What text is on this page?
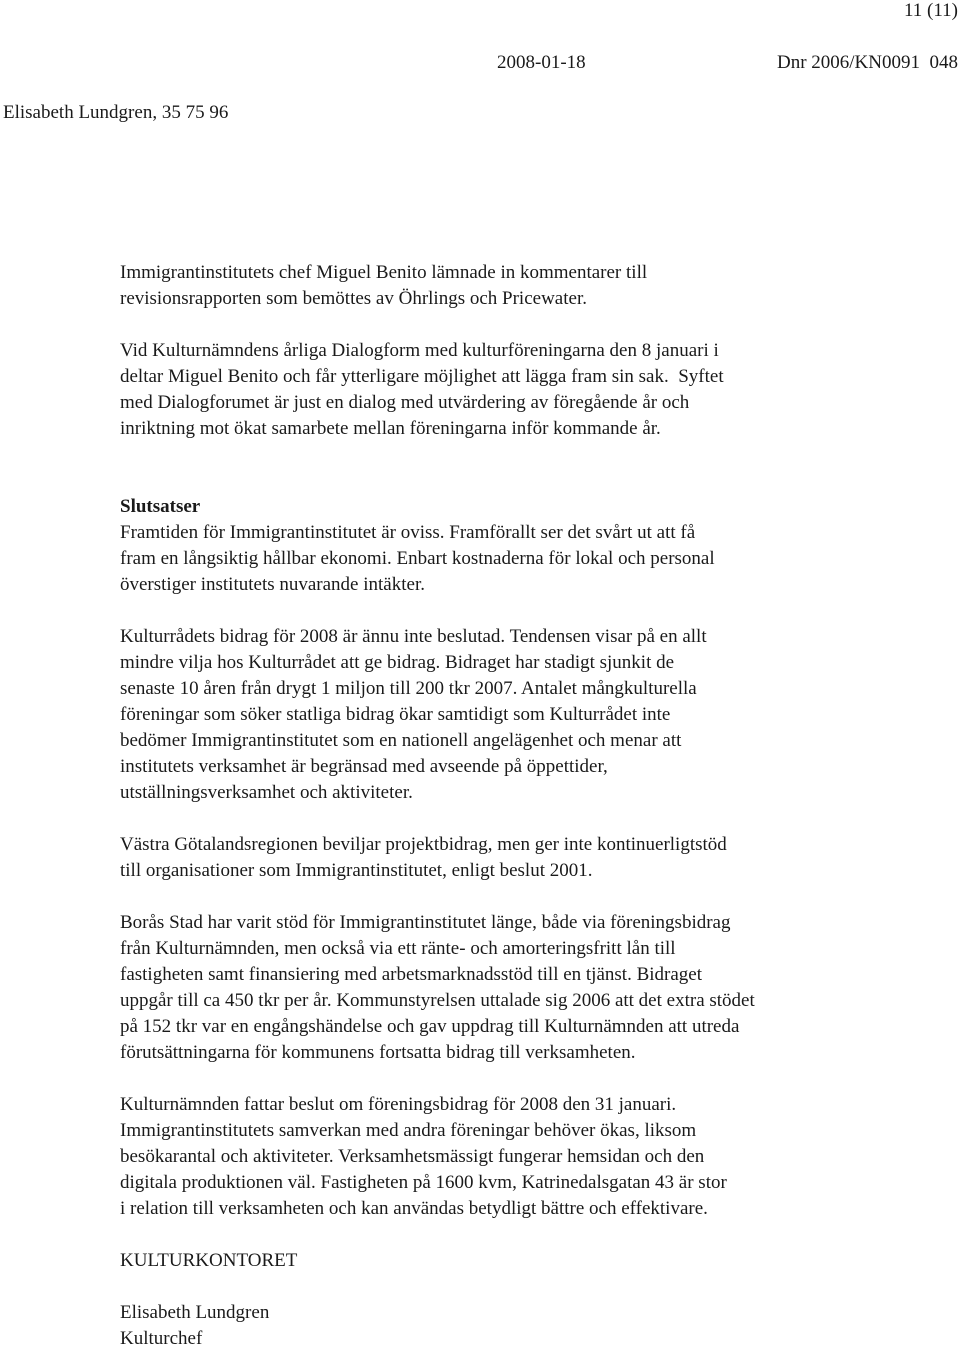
11 (11)
2008-01-18	Dnr 2006/KN0091  048
Elisabeth Lundgren, 35 75 96
Immigrantinstitutets chef Miguel Benito lämnade in kommentarer till
revisionsrapporten som bemöttes av Öhrlings och Pricewater.
Vid Kulturnämndens årliga Dialogform med kulturföreningarna den 8 januari i
deltar Miguel Benito och får ytterligare möjlighet att lägga fram sin sak.  Syftet
med Dialogforumet är just en dialog med utvärdering av föregående år och
inriktning mot ökat samarbete mellan föreningarna inför kommande år.
Slutsatser
Framtiden för Immigrantinstitutet är oviss. Framförallt ser det svårt ut att få
fram en långsiktig hållbar ekonomi. Enbart kostnaderna för lokal och personal
överstiger institutets nuvarande intäkter.
Kulturrådets bidrag för 2008 är ännu inte beslutad. Tendensen visar på en allt
mindre vilja hos Kulturrådet att ge bidrag. Bidraget har stadigt sjunkit de
senaste 10 åren från drygt 1 miljon till 200 tkr 2007. Antalet mångkulturella
föreningar som söker statliga bidrag ökar samtidigt som Kulturrådet inte
bedömer Immigrantinstitutet som en nationell angelägenhet och menar att
institutets verksamhet är begränsad med avseende på öppettider,
utställningsverksamhet och aktiviteter.
Västra Götalandsregionen beviljar projektbidrag, men ger inte kontinuerligtstöd
till organisationer som Immigrantinstitutet, enligt beslut 2001.
Borås Stad har varit stöd för Immigrantinstitutet länge, både via föreningsbidrag
från Kulturnämnden, men också via ett ränte- och amorteringsfritt lån till
fastigheten samt finansiering med arbetsmarknadsstöd till en tjänst. Bidraget
uppgår till ca 450 tkr per år. Kommunstyrelsen uttalade sig 2006 att det extra stödet
på 152 tkr var en engångshändelse och gav uppdrag till Kulturnämnden att utreda
förutsättningarna för kommunens fortsatta bidrag till verksamheten.
Kulturnämnden fattar beslut om föreningsbidrag för 2008 den 31 januari.
Immigrantinstitutets samverkan med andra föreningar behöver ökas, liksom
besökarantal och aktiviteter. Verksamhetsmässigt fungerar hemsidan och den
digitala produktionen väl. Fastigheten på 1600 kvm, Katrinedalsgatan 43 är stor
i relation till verksamheten och kan användas betydligt bättre och effektivare.
KULTURKONTORET
Elisabeth Lundgren
Kulturchef
